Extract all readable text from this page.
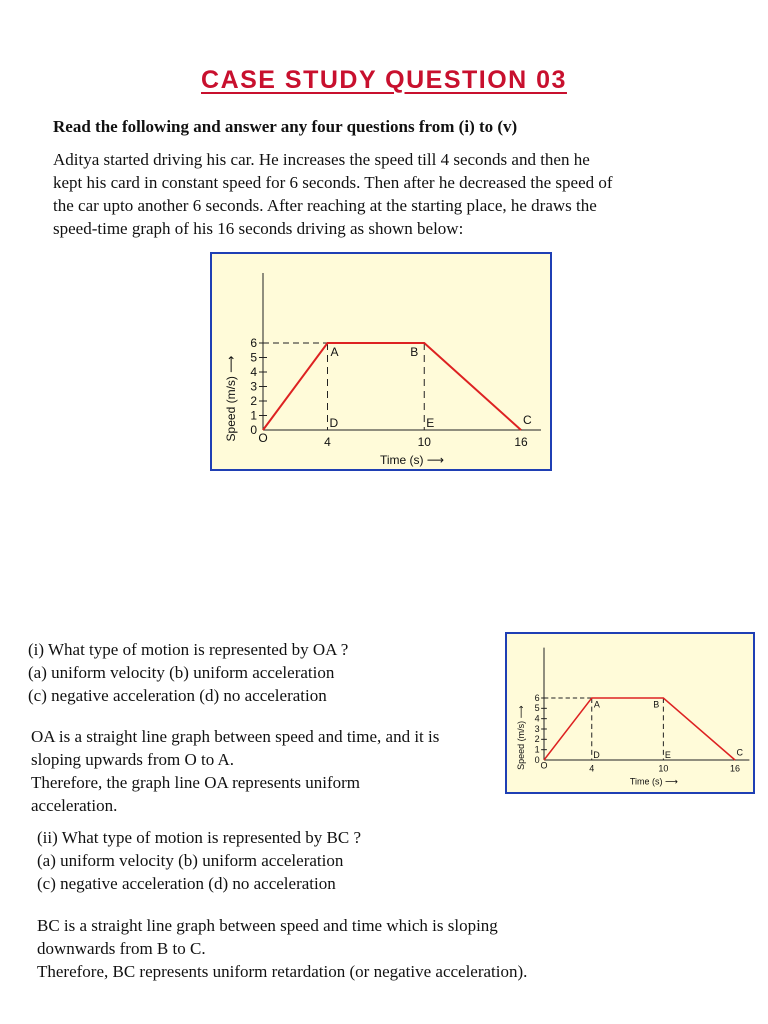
CASE STUDY QUESTION 03
Read the following and answer any four questions from (i) to (v)
Aditya started driving his car. He increases the speed till 4 seconds and then he
kept his card in constant speed for 6 seconds. Then after he decreased the speed of
the car upto another 6 seconds. After reaching at the starting place, he draws the
speed-time graph of his 16 seconds driving as shown below:
0
1
2
3
4
5
6
4	10	16
O
D	E
A	B
C
Speed (m/s) ⟶
Time (s) ⟶
(i) What type of motion is represented by OA ?
(a) uniform velocity (b) uniform acceleration
(c) negative acceleration (d) no acceleration
OA is a straight line graph between speed and time, and it is
sloping upwards from O to A.
Therefore, the graph line OA represents uniform
acceleration.
0
1
2
3
4
5
6
4	10	16
O
D	E
A	B
C
Speed (m/s) ⟶
Time (s) ⟶
(ii) What type of motion is represented by BC ?
(a) uniform velocity (b) uniform acceleration
(c) negative acceleration (d) no acceleration
BC is a straight line graph between speed and time which is sloping
downwards from B to C.
Therefore, BC represents uniform retardation (or negative acceleration).
